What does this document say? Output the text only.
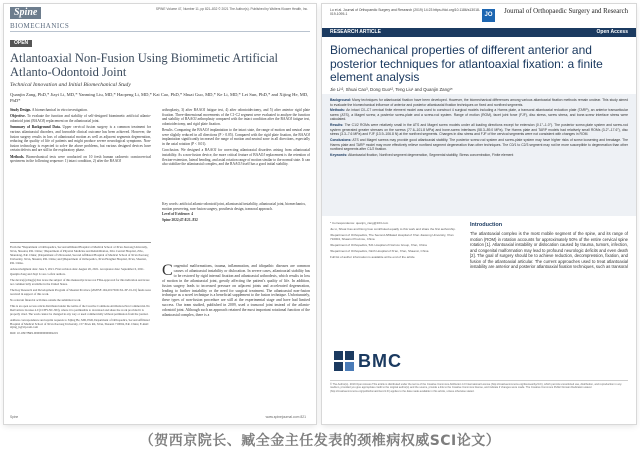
Spine	SPINE Volume 47, Number 11, pp 821–832 © 2021 The Author(s). Published by Wolters Kluwer Health, Inc.
BIOMECHANICS
OPEN
Atlantoaxial Non-Fusion Using Biomimetic Artificial Atlanto-Odontoid Joint
Technical Innovation and Initial Biomechanical Study
Quanjin Zang, PhD,* Jiayi Li, MD,* Yanming Liu, MD,* Haopeng Li, MD,* Kai Cao, PhD,* Shuai Guo, MD,* Ke Li, MD,* Lei Sun, PhD,* and Xijing He, MD, PhD*

Study Design. A biomechanical in vitro investigation.

Objective. To evaluate the function and stability of self-designed biomimetic artificial atlanto-odontoid joint (BAAOJ) replacement on the atlantoaxial joint.

Summary of Background Data. Upper cervical fusion surgery is a common treatment for various atlantoaxial disorders, and favorable clinical outcome has been achieved. However, the fusion surgery results in loss of atlantoaxial motion as well as adjacent segments degeneration, reducing the quality of life of patients and might produce severe neurological symptoms. Non-fusion technology is expected to solve the above problems, but various designed devices have certain defects and are still in the exploratory phase.

Methods. Biomechanical tests were conducted on 10 fresh human cadaveric craniocervical specimens in the following sequence: 1) intact condition, 2) after the BAAOJ

arthroplasty, 3) after BAAOJ fatigue test, 4) after odontoidectomy, and 5) after anterior rigid plate fixation. Three-dimensional movements of the C1-C2 segment were evaluated to analyze the function and stability of BAAOJ arthroplasty compared with the intact condition after the BAAOJ fatigue test, odontoidectomy, and rigid plate fixation.

Results. Comparing the BAAOJ implantation to the intact state, the range of motion and neutral zone were slightly reduced in all directions (P > 0.05). Compared with the rigid plate fixation, the BAAOJ implantation significantly increased the range of motion and neutral zone in all directions, especially in the axial rotation (P < 0.01).

Conclusion. We designed a BAAOJ for correcting atlantoaxial disorders arising from atlantoaxial instability. As a non-fusion device, the more critical feature of BAAOJ replacement is the retention of flexion-extension, lateral bending, and axial rotation range of motion similar to the normal state. It can also stabilize the atlantoaxial complex, and the BAAOJ itself has a good initial stability.

Key words: artificial atlanto-odontoid joint, atlantoaxial instability, atlantoaxial joint, biomechanics, motion preserving, non-fusion surgery, prosthesis design, transoral approach.
Level of Evidence: 4
Spine 2022;47:E21–832

From the *Department of Orthopedics, Second Affiliated Hospital of Medical School of Xi'an Jiaotong University, Xi'an, Shaanxi, P.R. China; †Department of Physical Medicine and Rehabilitation, Zibo Central Hospital, Zibo, Shandong, P.R. China; ‡Department of Ultrasound, Second Affiliated Hospital of Medical School of Xi'an Jiaotong University, Xi'an, Shaanxi, P.R. China; and §Department of Orthopedics, Xi'an Honghui Hospital, Xi'an, Shaanxi, P.R. China.

Acknowledgment date: June 3, 2021. First revision date: August 26, 2021. Acceptance date: September 6, 2021.

Quanjin Zang and Jiayi Li are co-first authors.

The device(s)/drug(s) that is/are the subject of this manuscript is/are not FDA-approved for this indication and is/are not commercially available in the United States.

The Key Research and Development Program of Shaanxi Province (2020SF-194,2017ZDCXL-SF-01-01) funds were received in support of this work.

No relevant financial activities outside the submitted work.

This is an open access article distributed under the terms of the Creative Commons Attribution-Non Commercial-No Derivatives License 4.0 (CCBY-NC-ND), where it is permissible to download and share the work provided it is properly cited. The work cannot be changed in any way or used commercially without permission from the journal.

Address correspondence and reprint requests to Xijing He, MD, PhD, Department of Orthopedics, Second Affiliated Hospital of Medical School of Xi'an Jiaotong University, 157 Xiwu Rd, Xi'an, Shaanxi 710004, P.R. China; E-mail: xijing_h@vip.tom.com

DOI: 10.1097/BRS.0000000000004219

Congenital malformations, trauma, inflammation, and idiopathic diseases are common causes of atlantoaxial instability or dislocation. In severe cases, atlantoaxial stability has to be restored by rigid internal fixation and atlantoaxial arthrodesis, which results in loss of motion in the atlantoaxial joint, greatly affecting the patient's quality of life. In addition, fusion surgery leads to increased pressure on adjacent joints and accelerated degeneration, leading to further instability or the need for surgical treatment. The atlantoaxial non-fusion technique as a novel technique is a beneficial supplement to the fusion technique. Unfortunately, these types of non-fusion procedure are still at the experimental stage and have had limited success. Our team studied, published in 2009, used a transoral joint instead of the atlanto-odontoid joint. Although such an approach retained the most important rotational function of the atlantoaxial complex, there is a
Spine	www.spinejournal.com 821
Lu et al. Journal of Orthopaedic Surgery and Research (2019) 14:23 https://doi.org/10.1186/s13018-019-1095-1	JO	Journal of Orthopaedic Surgery and Research
RESEARCH ARTICLE	Open Access
Biomechanical properties of different anterior and posterior techniques for atlantoaxial fixation: a finite element analysis
Jie Li¹², Shuai Cao³, Dong Guo¹², Teng Liu¹ and Quanjin Zang¹*

Background: Many techniques for atlantoaxial fixation have been developed. However, the biomechanical differences among various atlantoaxial fixation methods remain unclear. This study aimed to evaluate the biomechanical influence of anterior and posterior atlantoaxial fixation techniques on fixed and nonfixed segments.

Methods: An intact C0–C7 cervical finite element model was used to construct 4 surgical models including a Harms plate, a transoral atlantoaxial reduction plate (TARP), an anterior transarticular screw (ATS), a Magerl screw, a posterior screw-plate and a screw-rod system. Range of motion (ROM), facet joint force (FJF), disc stress, screw stress, and bone-screw interface stress were calculated.

Results: The C1/2 ROMs were relatively small in the ATS and Magerl screw models under all loading directions except for extension (0.1°–1.0°). The posterior screw-plate system and screw-rod system generated greater stresses on the screws (77.6–101.8 MPa) and bone-screw interfaces (58.3–89.0 MPa). The Harms plate and TARP models had relatively small ROMs (3.2°–17.6°), disc stress (3.3–7.6 MPa) and FJF (13.9–106.8 N) at the nonfixed segments. Changes in disc stress and FJF of the cervical segments were not consistent with changes in ROM.

Conclusions: ATS and Magerl screws may provide good atlantoaxial stability. The posterior screw-rod system and screw-plate system may have higher risks of screw loosening and breakage. The Harms plate and TARP model may more effectively relieve nonfixed segment degeneration than other techniques. The C0/1 to C2/3 segment may not be more susceptible to degeneration than other nonfixed segments after C1/2 fixation.

Keywords: Atlantoaxial fixation, Nonfixed segment degeneration, Segmental stability, Stress concentration, Finite element

* Correspondence: quanjin_zang@163.com

Jie Li, Shuai Cao and Dong Guo contributed equally to this work and share the first authorship.

¹Department of Orthopedics, The Second Affiliated Hospital of Xi'an Jiaotong University, Xi'an 710004, Shaanxi Province, China

²Department of Orthopedics, 521 Hospital of Norinco Group, Xi'an, China

³Department of Orthopedics, Ninth Hospital of Xi'an, Xi'an, Shaanxi, China

Full list of author information is available at the end of the article

BMC
Introduction
The atlantoaxial complex is the most mobile segment of the spine, and its range of motion (ROM) in rotation accounts for approximately 50% of the entire cervical spine rotation [1]. Atlantoaxial instability or dislocation caused by trauma, tumors, infection, and congenital malformation may lead to profound neurologic deficits and even death [2]. The goal of surgery should be to achieve reduction, decompression, fixation, and fusion of the atlantoaxial articular. The current approaches used to treat atlantoaxial instability are anterior and posterior atlantoaxial fixation techniques, such as transoral
© The Author(s). 2019 Open Access This article is distributed under the terms of the Creative Commons Attribution 4.0 International License (http://creativecommons.org/licenses/by/4.0/), which permits unrestricted use, distribution, and reproduction in any medium, provided you give appropriate credit to the original author(s) and the source, provide a link to the Creative Commons license, and indicate if changes were made. The Creative Commons Public Domain Dedication waiver (http://creativecommons.org/publicdomain/zero/1.0/) applies to the data made available in this article, unless otherwise stated.
（贺西京院长、臧全金主任发表的颈椎病权威SCI论文）
